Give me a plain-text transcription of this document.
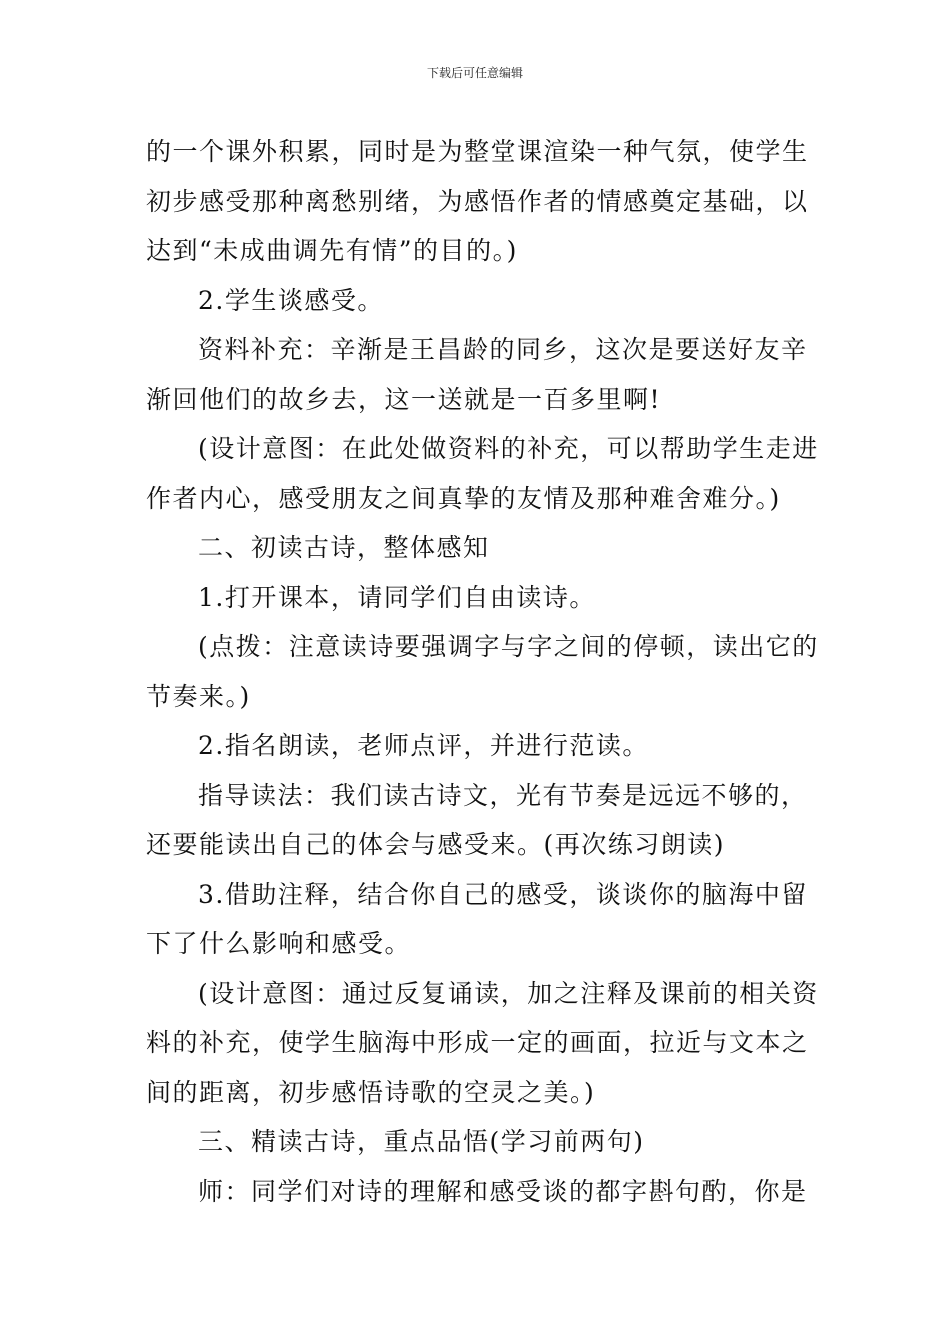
下载后可任意编辑

的一个课外积累，同时是为整堂课渲染一种气氛，使学生

初步感受那种离愁别绪，为感悟作者的情感奠定基础，以

达到“未成曲调先有情”的目的。)

2.学生谈感受。

资料补充：辛渐是王昌龄的同乡，这次是要送好友辛

渐回他们的故乡去，这一送就是一百多里啊!

(设计意图：在此处做资料的补充，可以帮助学生走进

作者内心，感受朋友之间真挚的友情及那种难舍难分。)

二、初读古诗，整体感知

1.打开课本，请同学们自由读诗。

(点拨：注意读诗要强调字与字之间的停顿，读出它的

节奏来。)

2.指名朗读，老师点评，并进行范读。

指导读法：我们读古诗文，光有节奏是远远不够的，

还要能读出自己的体会与感受来。(再次练习朗读)

3.借助注释，结合你自己的感受，谈谈你的脑海中留

下了什么影响和感受。

(设计意图：通过反复诵读，加之注释及课前的相关资

料的补充，使学生脑海中形成一定的画面，拉近与文本之

间的距离，初步感悟诗歌的空灵之美。)

三、精读古诗，重点品悟(学习前两句)

师：同学们对诗的理解和感受谈的都字斟句酌，你是
